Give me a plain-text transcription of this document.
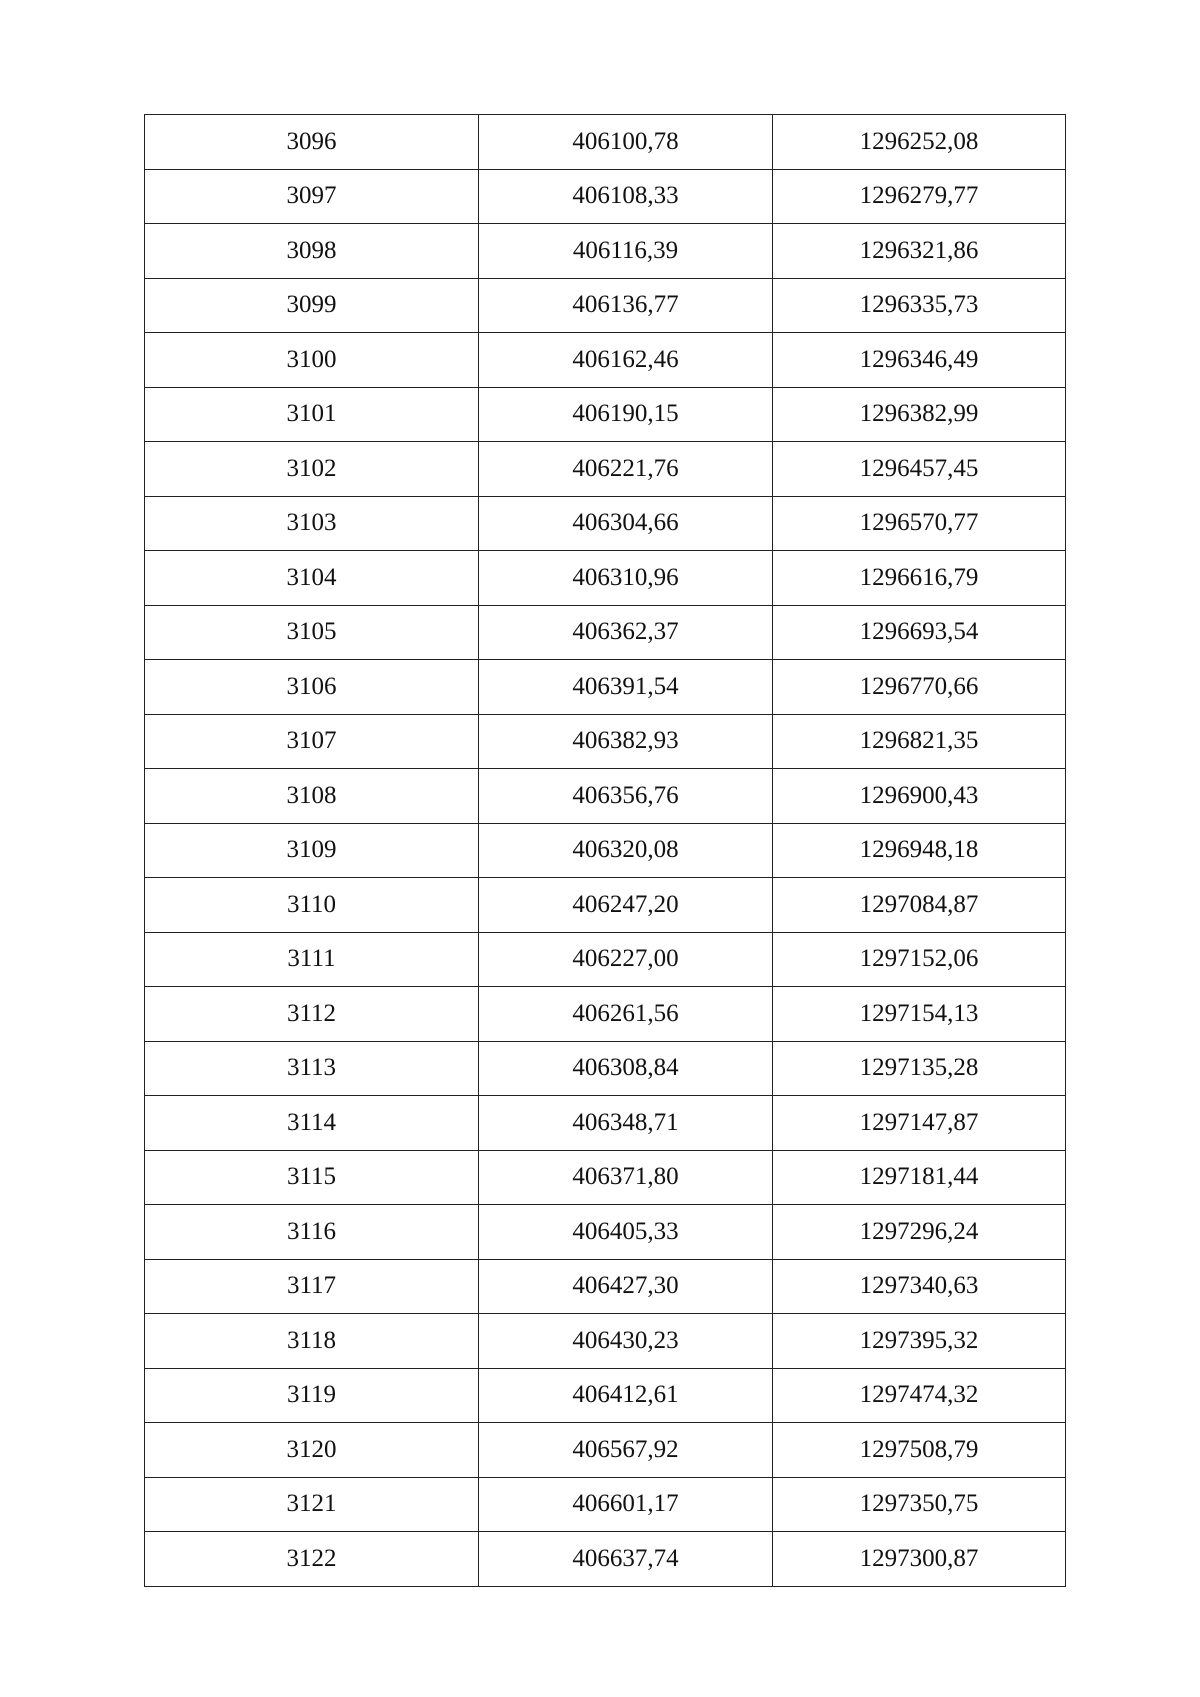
3096	406100,78	1296252,08
3097	406108,33	1296279,77
3098	406116,39	1296321,86
3099	406136,77	1296335,73
3100	406162,46	1296346,49
3101	406190,15	1296382,99
3102	406221,76	1296457,45
3103	406304,66	1296570,77
3104	406310,96	1296616,79
3105	406362,37	1296693,54
3106	406391,54	1296770,66
3107	406382,93	1296821,35
3108	406356,76	1296900,43
3109	406320,08	1296948,18
3110	406247,20	1297084,87
3111	406227,00	1297152,06
3112	406261,56	1297154,13
3113	406308,84	1297135,28
3114	406348,71	1297147,87
3115	406371,80	1297181,44
3116	406405,33	1297296,24
3117	406427,30	1297340,63
3118	406430,23	1297395,32
3119	406412,61	1297474,32
3120	406567,92	1297508,79
3121	406601,17	1297350,75
3122	406637,74	1297300,87
